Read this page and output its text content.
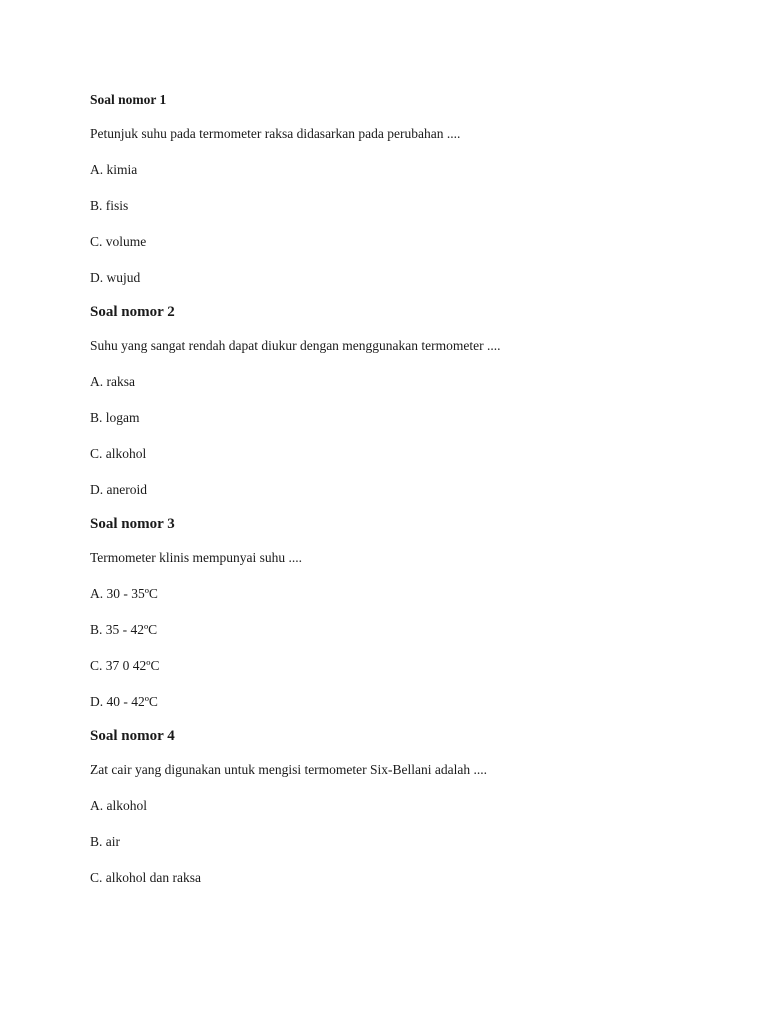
Soal nomor 1

Petunjuk suhu pada termometer raksa didasarkan pada perubahan ....

A. kimia

B. fisis

C. volume

D. wujud

Soal nomor 2

Suhu yang sangat rendah dapat diukur dengan menggunakan termometer ....

A. raksa

B. logam

C. alkohol

D. aneroid

Soal nomor 3

Termometer klinis mempunyai suhu ....

A. 30 - 35ºC

B. 35 - 42ºC

C. 37 0 42ºC

D. 40 - 42ºC

Soal nomor 4

Zat cair yang digunakan untuk mengisi termometer Six-Bellani adalah ....

A. alkohol

B. air

C. alkohol dan raksa
